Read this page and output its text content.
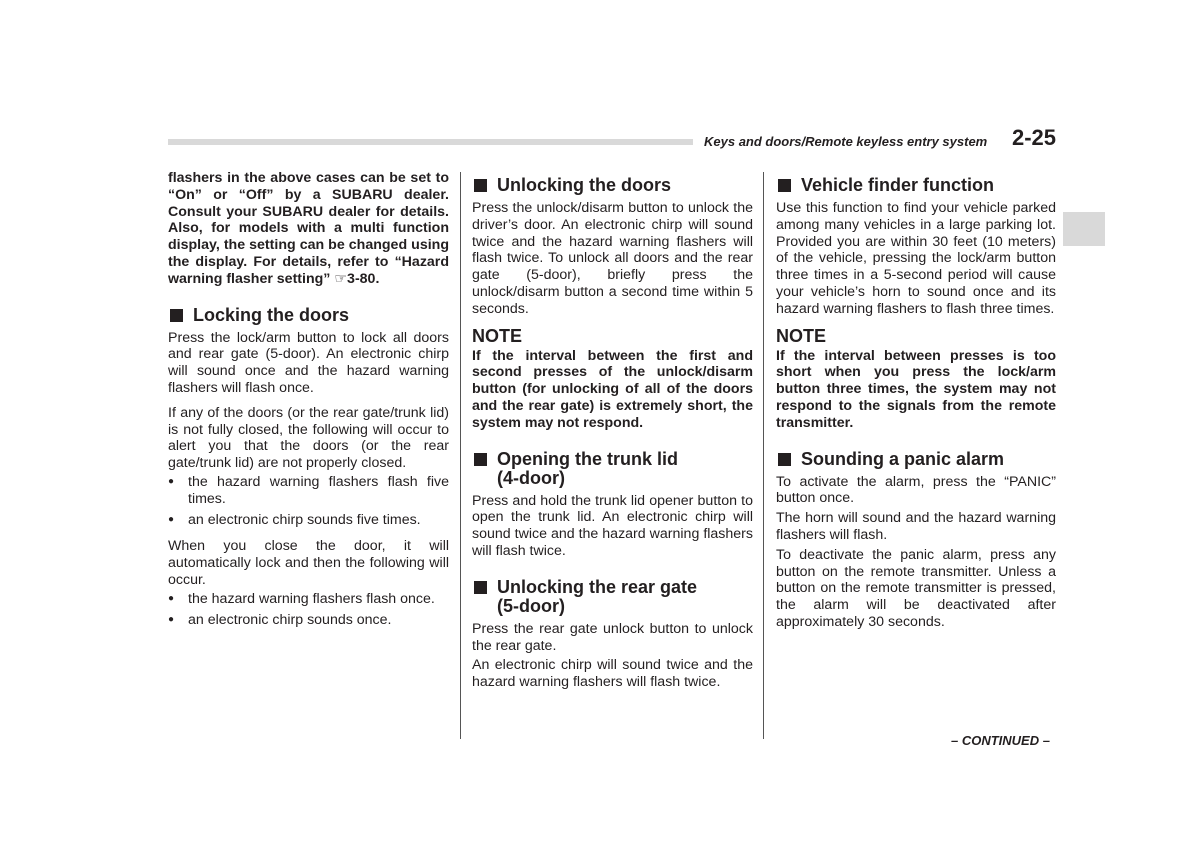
Keys and doors/Remote keyless entry system 2-25

flashers in the above cases can be set to “On” or “Off” by a SUBARU dealer. Consult your SUBARU dealer for details. Also, for models with a multi function display, the setting can be changed using the display. For details, refer to “Hazard warning flasher setting” ☞3-80.

Locking the doors

Press the lock/arm button to lock all doors and rear gate (5-door). An electronic chirp will sound once and the hazard warning flashers will flash once.

If any of the doors (or the rear gate/trunk lid) is not fully closed, the following will occur to alert you that the doors (or the rear gate/trunk lid) are not properly closed.

● the hazard warning flashers flash five times.
● an electronic chirp sounds five times.

When you close the door, it will automatically lock and then the following will occur.

● the hazard warning flashers flash once.
● an electronic chirp sounds once.
Unlocking the doors

Press the unlock/disarm button to unlock the driver’s door. An electronic chirp will sound twice and the hazard warning flashers will flash twice. To unlock all doors and the rear gate (5-door), briefly press the unlock/disarm button a second time within 5 seconds.

NOTE

If the interval between the first and second presses of the unlock/disarm button (for unlocking of all of the doors and the rear gate) is extremely short, the system may not respond.

Opening the trunk lid
(4-door)

Press and hold the trunk lid opener button to open the trunk lid. An electronic chirp will sound twice and the hazard warning flashers will flash twice.

Unlocking the rear gate
(5-door)

Press the rear gate unlock button to unlock the rear gate.

An electronic chirp will sound twice and the hazard warning flashers will flash twice.

Vehicle finder function

Use this function to find your vehicle parked among many vehicles in a large parking lot. Provided you are within 30 feet (10 meters) of the vehicle, pressing the lock/arm button three times in a 5-second period will cause your vehicle’s horn to sound once and its hazard warning flashers to flash three times.

NOTE

If the interval between presses is too short when you press the lock/arm button three times, the system may not respond to the signals from the remote transmitter.

Sounding a panic alarm

To activate the alarm, press the “PANIC” button once.

The horn will sound and the hazard warning flashers will flash.

To deactivate the panic alarm, press any button on the remote transmitter. Unless a button on the remote transmitter is pressed, the alarm will be deactivated after approximately 30 seconds.

– CONTINUED –
